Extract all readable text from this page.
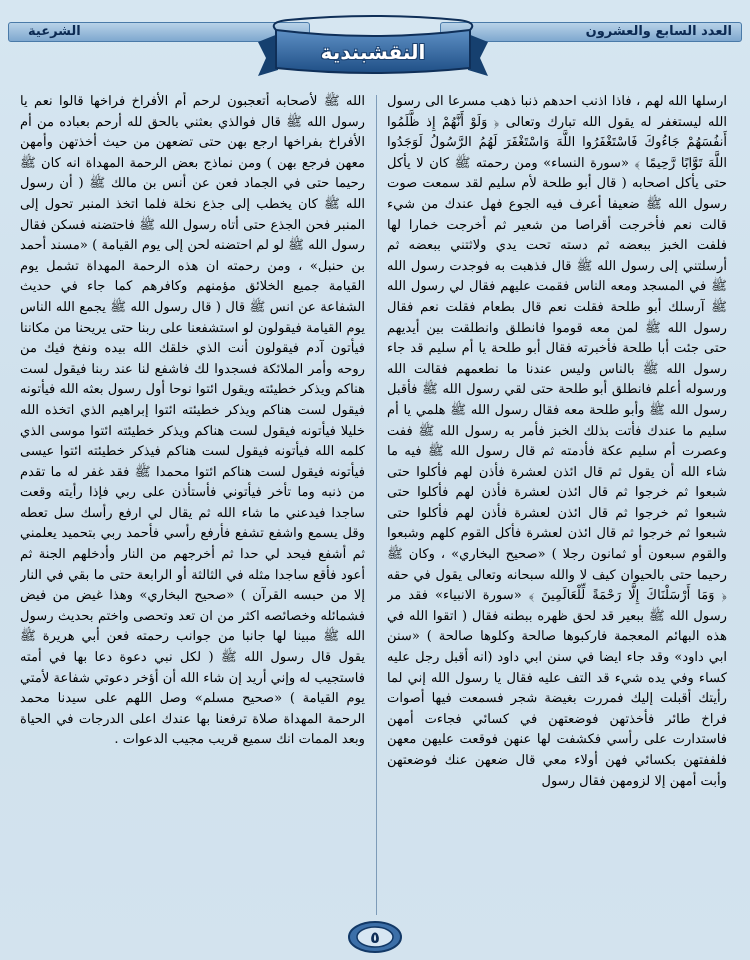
العدد السابع والعشرون
الشرعية
النقشبندية

ارسلها الله لهم ، فاذا اذنب احدهم ذنبا ذهب مسرعا الى رسول الله ليستغفر له يقول الله تبارك وتعالى ﴿ وَلَوْ أَنَّهُمْ إِذ ظَّلَمُوا أَنفُسَهُمْ جَاءُوكَ فَاسْتَغْفَرُوا اللَّهَ وَاسْتَغْفَرَ لَهُمُ الرَّسُولُ لَوَجَدُوا اللَّهَ تَوَّابًا رَّحِيمًا ﴾ «سورة النساء» ومن رحمته ﷺ كان لا يأكل حتى يأكل اصحابه ( قال أبو طلحة لأم سليم لقد سمعت صوت رسول الله ﷺ ضعيفا أعرف فيه الجوع فهل عندك من شيء قالت نعم فأخرجت أقراصا من شعير ثم أخرجت خمارا لها فلفت الخبز ببعضه ثم دسته تحت يدي ولاثتني ببعضه ثم أرسلتني إلى رسول الله ﷺ قال فذهبت به فوجدت رسول الله ﷺ في المسجد ومعه الناس فقمت عليهم فقال لي رسول الله ﷺ آرسلك أبو طلحة فقلت نعم قال بطعام فقلت نعم فقال رسول الله ﷺ لمن معه قوموا فانطلق وانطلقت بين أيديهم حتى جئت أبا طلحة فأخبرته فقال أبو طلحة يا أم سليم قد جاء رسول الله ﷺ بالناس وليس عندنا ما نطعمهم فقالت الله ورسوله أعلم فانطلق أبو طلحة حتى لقي رسول الله ﷺ فأقبل رسول الله ﷺ وأبو طلحة معه فقال رسول الله ﷺ هلمي يا أم سليم ما عندك فأتت بذلك الخبز فأمر به رسول الله ﷺ ففت وعصرت أم سليم عكة فأدمته ثم قال رسول الله ﷺ فيه ما شاء الله أن يقول ثم قال ائذن لعشرة فأذن لهم فأكلوا حتى شبعوا ثم خرجوا ثم قال ائذن لعشرة فأذن لهم فأكلوا حتى شبعوا ثم خرجوا ثم قال ائذن لعشرة فأذن لهم فأكلوا حتى شبعوا ثم خرجوا ثم قال ائذن لعشرة فأكل القوم كلهم وشبعوا والقوم سبعون أو ثمانون رجلا ) «صحيح البخاري» ، وكان ﷺ رحيما حتى بالحيوان كيف لا والله سبحانه وتعالى يقول في حقه ﴿ وَمَا أَرْسَلْنَاكَ إِلَّا رَحْمَةً لِّلْعَالَمِينَ ﴾ «سورة الانبياء» فقد مر رسول الله ﷺ ببعير قد لحق ظهره ببطنه فقال ( اتقوا الله في هذه البهائم المعجمة فاركبوها صالحة وكلوها صالحة ) «سنن ابي داود» وقد جاء ايضا في سنن ابي داود (انه أقبل رجل عليه كساء وفي يده شيء قد التف عليه فقال يا رسول الله إني لما رأيتك أقبلت إليك فمررت بغيضة شجر فسمعت فيها أصوات فراخ طائر فأخذتهن فوضعتهن في كسائي فجاءت أمهن فاستدارت على رأسي فكشفت لها عنهن فوقعت عليهن معهن فلففتهن بكسائي فهن أولاء معي قال ضعهن عنك فوضعتهن وأبت أمهن إلا لزومهن فقال رسول

الله ﷺ لأصحابه أتعجبون لرحم أم الأفراخ فراخها قالوا نعم يا رسول الله ﷺ قال فوالذي بعثني بالحق لله أرحم بعباده من أم الأفراخ بفراخها ارجع بهن حتى تضعهن من حيث أخذتهن وأمهن معهن فرجع بهن ) ومن نماذج بعض الرحمة المهداة انه كان ﷺ رحيما حتى في الجماد فعن عن أنس بن مالك ﷺ ( أن رسول الله ﷺ كان يخطب إلى جذع نخلة فلما اتخذ المنبر تحول إلى المنبر فحن الجذع حتى أتاه رسول الله ﷺ فاحتضنه فسكن فقال رسول الله ﷺ لو لم احتضنه لحن إلى يوم القيامة ) «مسند أحمد بن حنبل» ، ومن رحمته ان هذه الرحمة المهداة تشمل يوم القيامة جميع الخلائق مؤمنهم وكافرهم كما جاء في حديث الشفاعة عن انس ﷺ قال ( قال رسول الله ﷺ يجمع الله الناس يوم القيامة فيقولون لو استشفعنا على ربنا حتى يريحنا من مكاننا فيأتون آدم فيقولون أنت الذي خلقك الله بيده ونفخ فيك من روحه وأمر الملائكة فسجدوا لك فاشفع لنا عند ربنا فيقول لست هناكم ويذكر خطيئته ويقول ائتوا نوحا أول رسول بعثه الله فيأتونه فيقول لست هناكم ويذكر خطيئته ائتوا إبراهيم الذي اتخذه الله خليلا فيأتونه فيقول لست هناكم ويذكر خطيئته ائتوا موسى الذي كلمه الله فيأتونه فيقول لست هناكم فيذكر خطيئته ائتوا عيسى فيأتونه فيقول لست هناكم ائتوا محمدا ﷺ فقد غفر له ما تقدم من ذنبه وما تأخر فيأتوني فأستأذن على ربي فإذا رأيته وقعت ساجدا فيدعني ما شاء الله ثم يقال لي ارفع رأسك سل تعطه وقل يسمع واشفع تشفع فأرفع رأسي فأحمد ربي بتحميد يعلمني ثم أشفع فيحد لي حدا ثم أخرجهم من النار وأدخلهم الجنة ثم أعود فأقع ساجدا مثله في الثالثة أو الرابعة حتى ما بقي في النار إلا من حبسه القرآن ) «صحيح البخاري» وهذا غيض من فيض فشمائله وخصائصه اكثر من ان تعد وتحصى واختم بحديث رسول الله ﷺ مبينا لها جانبا من جوانب رحمته فعن أبي هريرة ﷺ يقول قال رسول الله ﷺ ( لكل نبي دعوة دعا بها في أمته فاستجيب له وإني أريد إن شاء الله أن أؤخر دعوتي شفاعة لأمتي يوم القيامة ) «صحيح مسلم» وصل اللهم على سيدنا محمد الرحمة المهداة صلاة ترفعنا بها عندك اعلى الدرجات في الحياة وبعد الممات انك سميع قريب مجيب الدعوات .

٥
